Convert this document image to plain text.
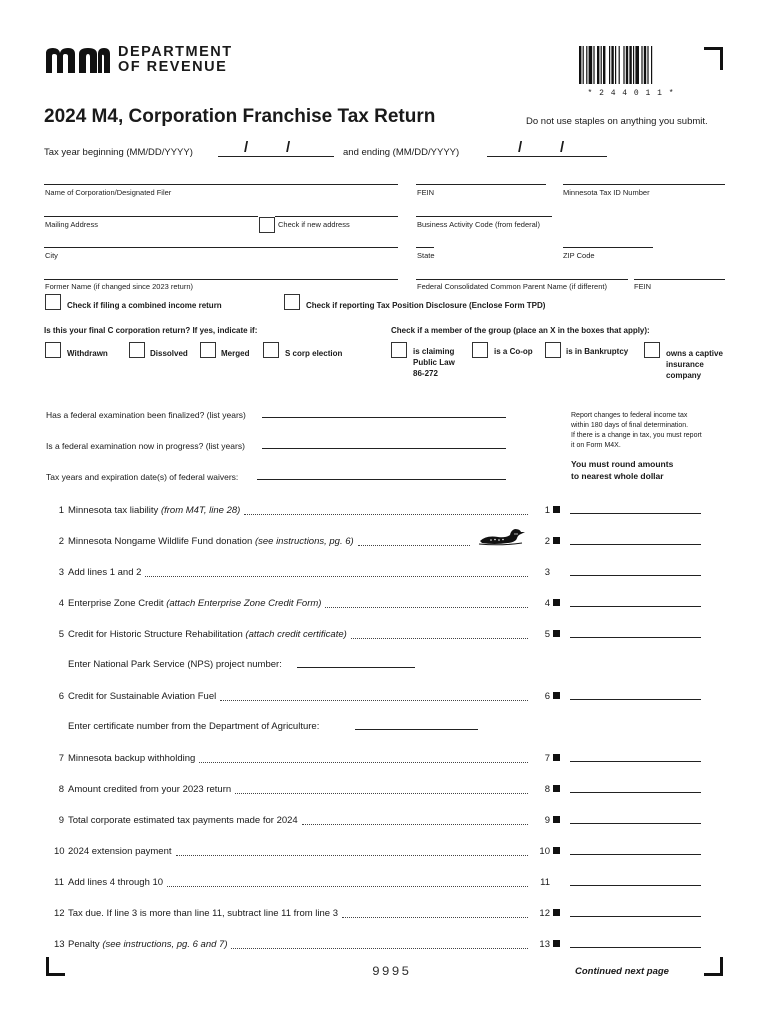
DEPARTMENT
OF REVENUE
* 2 4 4 0 1 1 *
2024 M4, Corporation Franchise Tax Return	Do not use staples on anything you submit.
Tax year beginning (MM/DD/YYYY)	/	/	and ending (MM/DD/YYYY)	/	/
Name of Corporation/Designated Filer	FEIN	Minnesota Tax ID Number
Mailing Address	Check if new address	Business Activity Code (from federal)
City	State	ZIP Code
Former Name (if changed since 2023 return)	Federal Consolidated Common Parent Name (if different)	FEIN
Check if filing a combined income return	Check if reporting Tax Position Disclosure (Enclose Form TPD)
Is this your final C corporation return? If yes, indicate if:	Check if a member of the group (place an X in the boxes that apply):
Withdrawn	Dissolved	Merged	S corp election	is claiming
Public Law
86-272
is a Co-op	is in Bankruptcy	owns a captive
insurance
company
Has a federal examination been finalized? (list years)
Is a federal examination now in progress? (list years)
Tax years and expiration date(s) of federal waivers:
Report changes to federal income tax
within 180 days of final determination.
If there is a change in tax, you must report
it on Form M4X.
You must round amounts
to nearest whole dollar
1 Minnesota tax liability (from M4T, line 28)	1
2 Minnesota Nongame Wildlife Fund donation (see instructions, pg. 6)	2
3 Add lines 1 and 2	3
4 Enterprise Zone Credit (attach Enterprise Zone Credit Form)	4
5 Credit for Historic Structure Rehabilitation (attach credit certificate)	5
6 Credit for Sustainable Aviation Fuel	6
7 Minnesota backup withholding	7
8 Amount credited from your 2023 return	8
9 Total corporate estimated tax payments made for 2024	9
10 2024 extension payment	10
11 Add lines 4 through 10	11
12 Tax due. If line 3 is more than line 11, subtract line 11 from line 3	12
13 Penalty (see instructions, pg. 6 and 7)	13
Enter National Park Service (NPS) project number:
Enter certificate number from the Department of Agriculture:
9995	Continued next page
